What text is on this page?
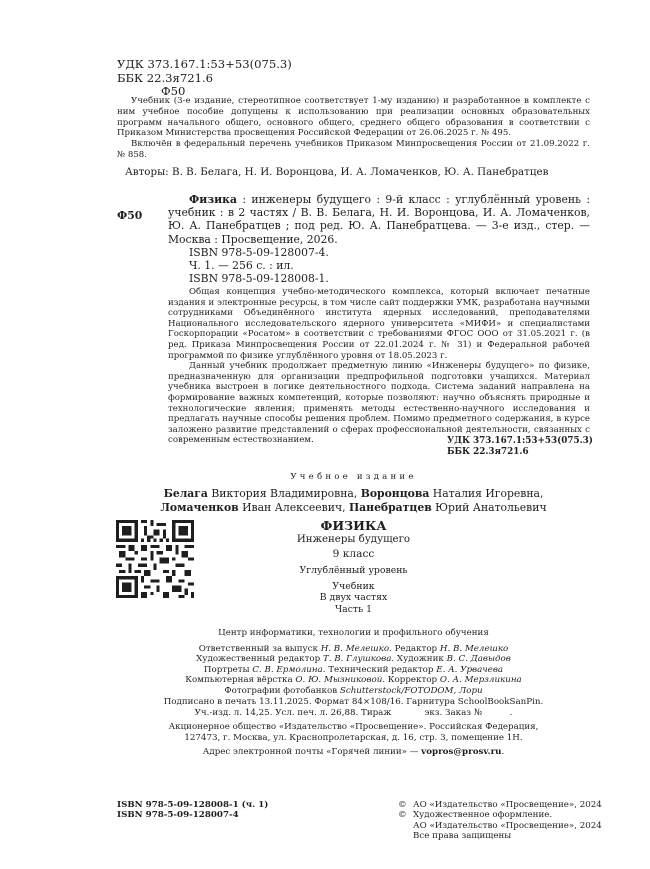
УДК 373.167.1:53+53(075.3)
ББК 22.3я721.6
Ф50
Учебник (3-е издание, стереотипное соответствует 1-му изданию) и разработанное в комплекте с ним учебное пособие допущены к использованию при реализации основных образовательных программ начального общего, основного общего, среднего общего образования в соответствии с Приказом Министерства просвещения Российской Федерации от 26.06.2025 г. № 495.
Включён в федеральный перечень учебников Приказом Минпросвещения России от 21.09.2022 г. № 858.
Авторы: В. В. Белага, Н. И. Воронцова, И. А. Ломаченков, Ю. А. Панебратцев
Ф50
Физика : инженеры будущего : 9-й класс : углублённый уровень : учебник : в 2 частях / В. В. Белага, Н. И. Воронцова, И. А. Ломаченков, Ю. А. Панебратцев ; под ред. Ю. А. Панебратцева. — 3-е изд., стер. — Москва : Просвещение, 2026.
ISBN 978-5-09-128007-4.
Ч. 1. — 256 с. : ил.
ISBN 978-5-09-128008-1.
Общая концепция учебно-методического комплекса, который включает печатные издания и электронные ресурсы, в том числе сайт поддержки УМК, разработана научными сотрудниками Объединённого института ядерных исследований, преподавателями Национального исследовательского ядерного университета «МИФИ» и специалистами Госкорпорации «Росатом» в соответствии с требованиями ФГОС ООО от 31.05.2021 г. (в ред. Приказа Минпросвещения России от 22.01.2024 г. № 31) и Федеральной рабочей программой по физике углублённого уровня от 18.05.2023 г.
Данный учебник продолжает предметную линию «Инженеры будущего» по физике, предназначенную для организации предпрофильной подготовки учащихся. Материал учебника выстроен в логике деятельностного подхода. Система заданий направлена на формирование важных компетенций, которые позволяют: научно объяснять природные и технологические явления; применять методы естественно-научного исследования и предлагать научные способы решения проблем. Помимо предметного содержания, в курсе заложено развитие представлений о сферах профессиональной деятельности, связанных с современным естествознанием.	УДК 373.167.1:53+53(075.3)
ББК 22.3я721.6
Учебное издание
Белага Виктория Владимировна, Воронцова Наталия Игоревна,
Ломаченков Иван Алексеевич, Панебратцев Юрий Анатольевич
ФИЗИКА
Инженеры будущего
9 класс
Углублённый уровень
Учебник
В двух частях
Часть 1
Центр информатики, технологии и профильного обучения
Ответственный за выпуск Н. В. Мелешко. Редактор Н. В. Мелешко
Художественный редактор Т. В. Глушкова. Художник В. С. Давыдов
Портреты С. В. Ермолина. Технический редактор Е. А. Урвачева
Компьютерная вёрстка О. Ю. Мызниковой. Корректор О. А. Мерзликина
Фотографии фотобанков Schutterstock/FOTODOM, Лори
Подписано в печать 13.11.2025. Формат 84×108/16. Гарнитура SchoolBookSanPin.
Уч.-изд. л. 14,25. Усл. печ. л. 26,88. Тираж            экз. Заказ №          .
Акционерное общество «Издательство «Просвещение». Российская Федерация,
127473, г. Москва, ул. Краснопролетарская, д. 16, стр. 3, помещение 1Н.
Адрес электронной почты «Горячей линии» — vopros@prosv.ru.
ISBN 978-5-09-128008-1 (ч. 1)
ISBN 978-5-09-128007-4
© АО «Издательство «Просвещение», 2024
© Художественное оформление.
АО «Издательство «Просвещение», 2024
Все права защищены
